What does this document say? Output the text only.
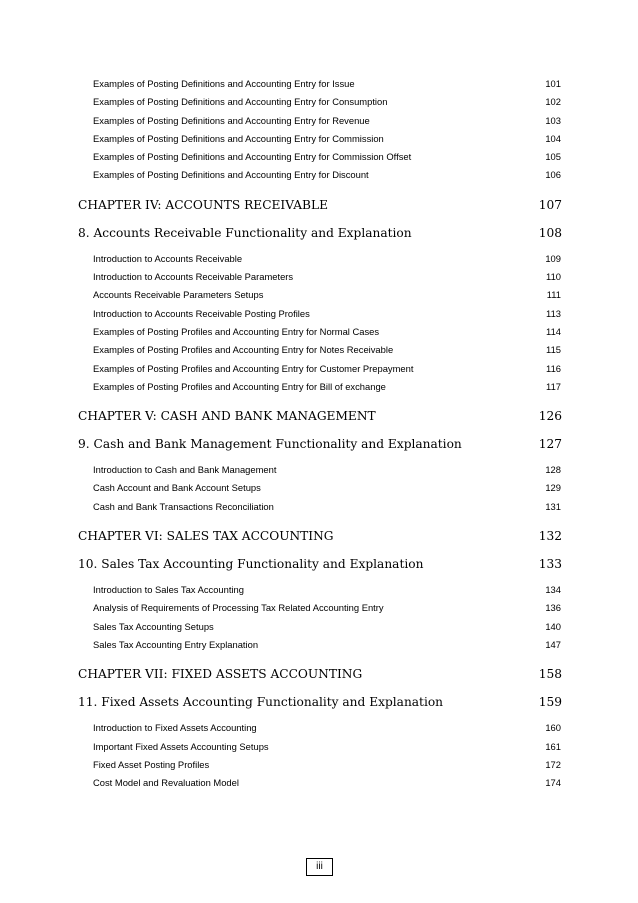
Examples of Posting Definitions and Accounting Entry for Issue	101
Examples of Posting Definitions and Accounting Entry for Consumption	102
Examples of Posting Definitions and Accounting Entry for Revenue	103
Examples of Posting Definitions and Accounting Entry for Commission	104
Examples of Posting Definitions and Accounting Entry for Commission Offset	105
Examples of Posting Definitions and Accounting Entry for Discount	106
CHAPTER IV: ACCOUNTS RECEIVABLE	107
8. Accounts Receivable Functionality and Explanation	108
Introduction to Accounts Receivable	109
Introduction to Accounts Receivable Parameters	110
Accounts Receivable Parameters Setups	111
Introduction to Accounts Receivable Posting Profiles	113
Examples of Posting Profiles and Accounting Entry for Normal Cases	114
Examples of Posting Profiles and Accounting Entry for Notes Receivable	115
Examples of Posting Profiles and Accounting Entry for Customer Prepayment	116
Examples of Posting Profiles and Accounting Entry for Bill of exchange	117
CHAPTER V: CASH AND BANK MANAGEMENT	126
9. Cash and Bank Management Functionality and Explanation	127
Introduction to Cash and Bank Management	128
Cash Account and Bank Account Setups	129
Cash and Bank Transactions Reconciliation	131
CHAPTER VI: SALES TAX ACCOUNTING	132
10. Sales Tax Accounting Functionality and Explanation	133
Introduction to Sales Tax Accounting	134
Analysis of Requirements of Processing Tax Related Accounting Entry	136
Sales Tax Accounting Setups	140
Sales Tax Accounting Entry Explanation	147
CHAPTER VII: FIXED ASSETS ACCOUNTING	158
11. Fixed Assets Accounting Functionality and Explanation	159
Introduction to Fixed Assets Accounting	160
Important Fixed Assets Accounting Setups	161
Fixed Asset Posting Profiles	172
Cost Model and Revaluation Model	174
iii
